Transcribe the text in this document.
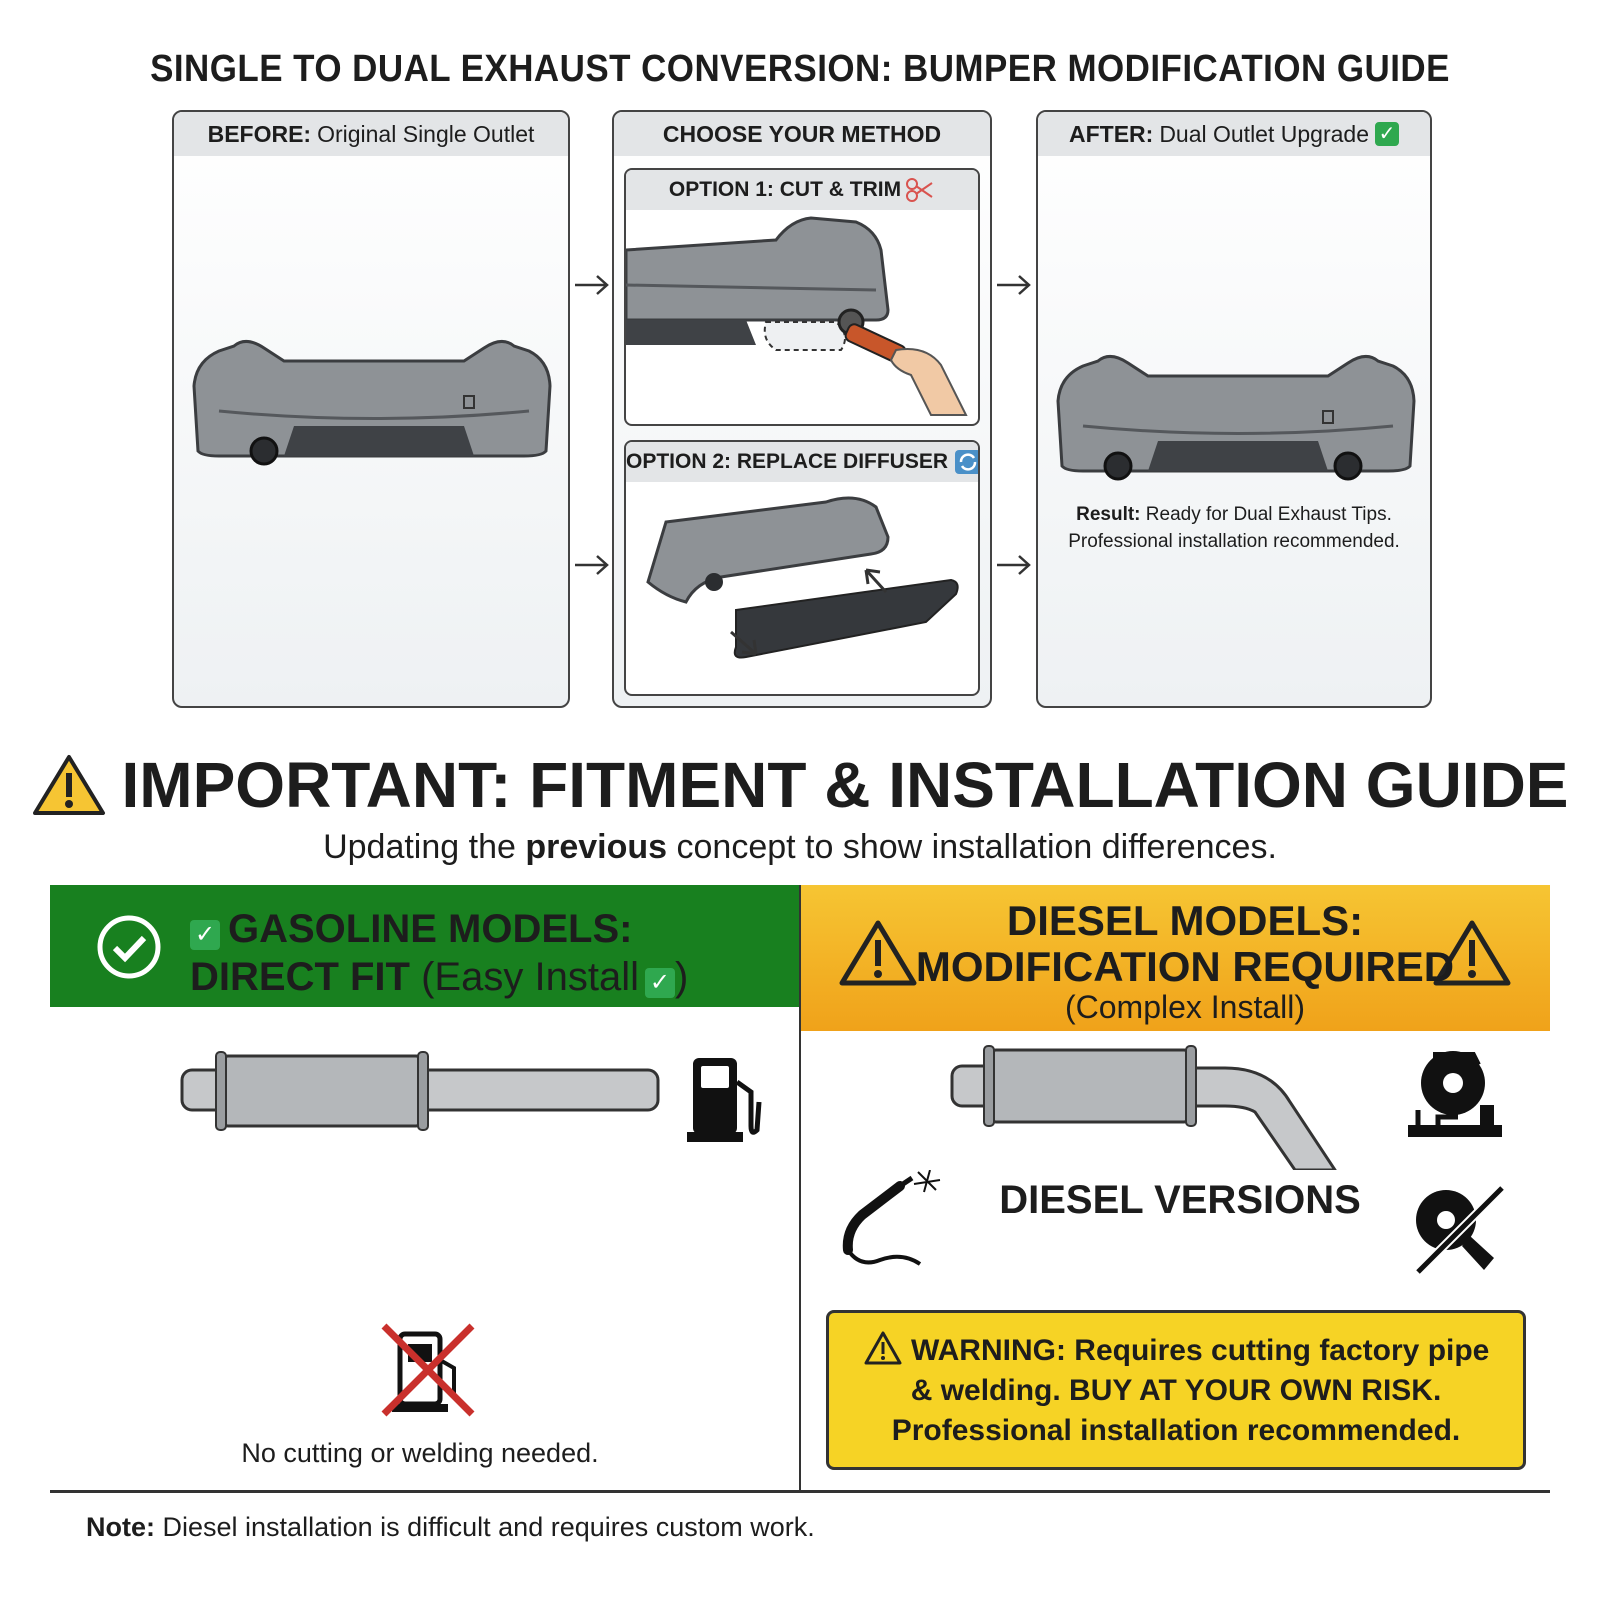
SINGLE TO DUAL EXHAUST CONVERSION: BUMPER MODIFICATION GUIDE
BEFORE: Original Single Outlet	CHOOSE YOUR METHOD
OPTION 1: CUT & TRIM
OPTION 2: REPLACE DIFFUSER
AFTER: Dual Outlet Upgrade ✓
Result: Ready for Dual Exhaust Tips.
Professional installation recommended.
IMPORTANT: FITMENT & INSTALLATION GUIDE
Updating the previous concept to show installation differences.
✓ GASOLINE MODELS:
DIRECT FIT (Easy Install ✓ )
DIESEL MODELS:
MODIFICATION REQUIRED
(Complex Install)
No cutting or welding needed.
DIESEL VERSIONS
WARNING: Requires cutting factory pipe
& welding. BUY AT YOUR OWN RISK.
Professional installation recommended.
Note: Diesel installation is difficult and requires custom work.
